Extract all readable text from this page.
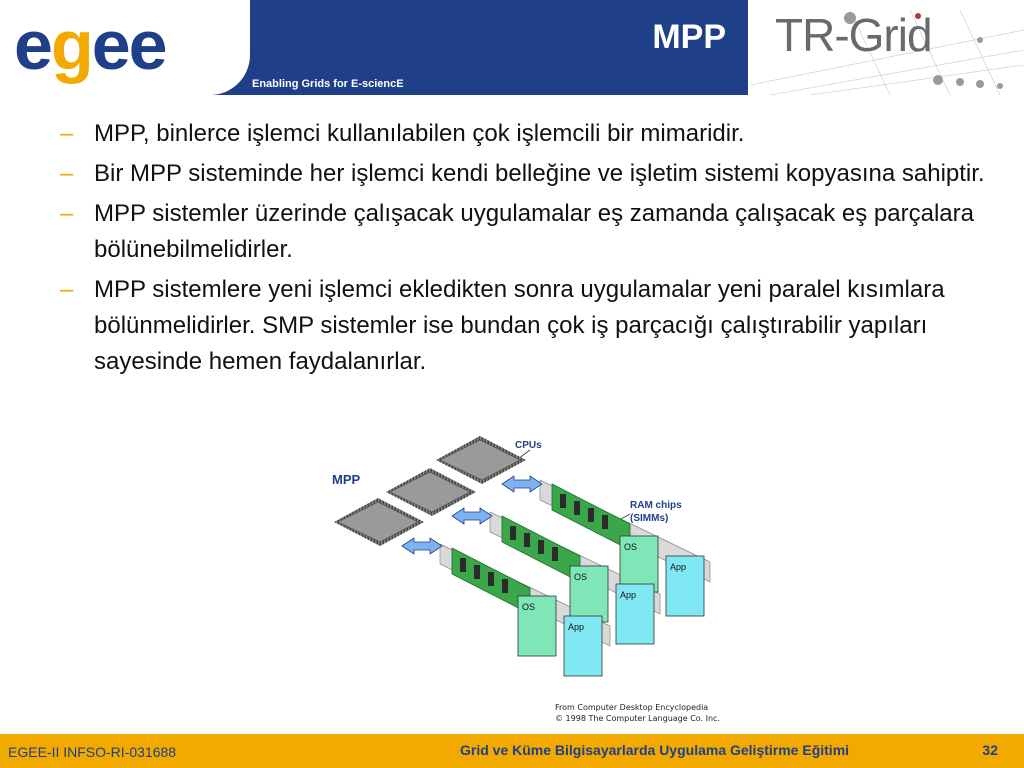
egee	Enabling Grids for E-sciencE
MPP TR-Grid
– MPP, binlerce işlemci kullanılabilen çok işlemcili bir mimaridir.
– Bir MPP sisteminde her işlemci kendi belleğine ve işletim sistemi kopyasına sahiptir.
– MPP sistemler üzerinde çalışacak uygulamalar eş zamanda çalışacak eş parçalara bölünebilmelidirler.
– MPP sistemlere yeni işlemci ekledikten sonra uygulamalar yeni paralel kısımlara bölünmelidirler. SMP sistemler ise bundan çok iş parçacığı çalıştırabilir yapıları sayesinde hemen faydalanırlar.
MPP
CPUs
RAM chips
(SIMMs)
OS
App
OS
App
OS
App
From Computer Desktop Encyclopedia
© 1998 The Computer Language Co. Inc.
EGEE-II INFSO-RI-031688	Grid ve Küme Bilgisayarlarda Uygulama Geliştirme Eğitimi	32
